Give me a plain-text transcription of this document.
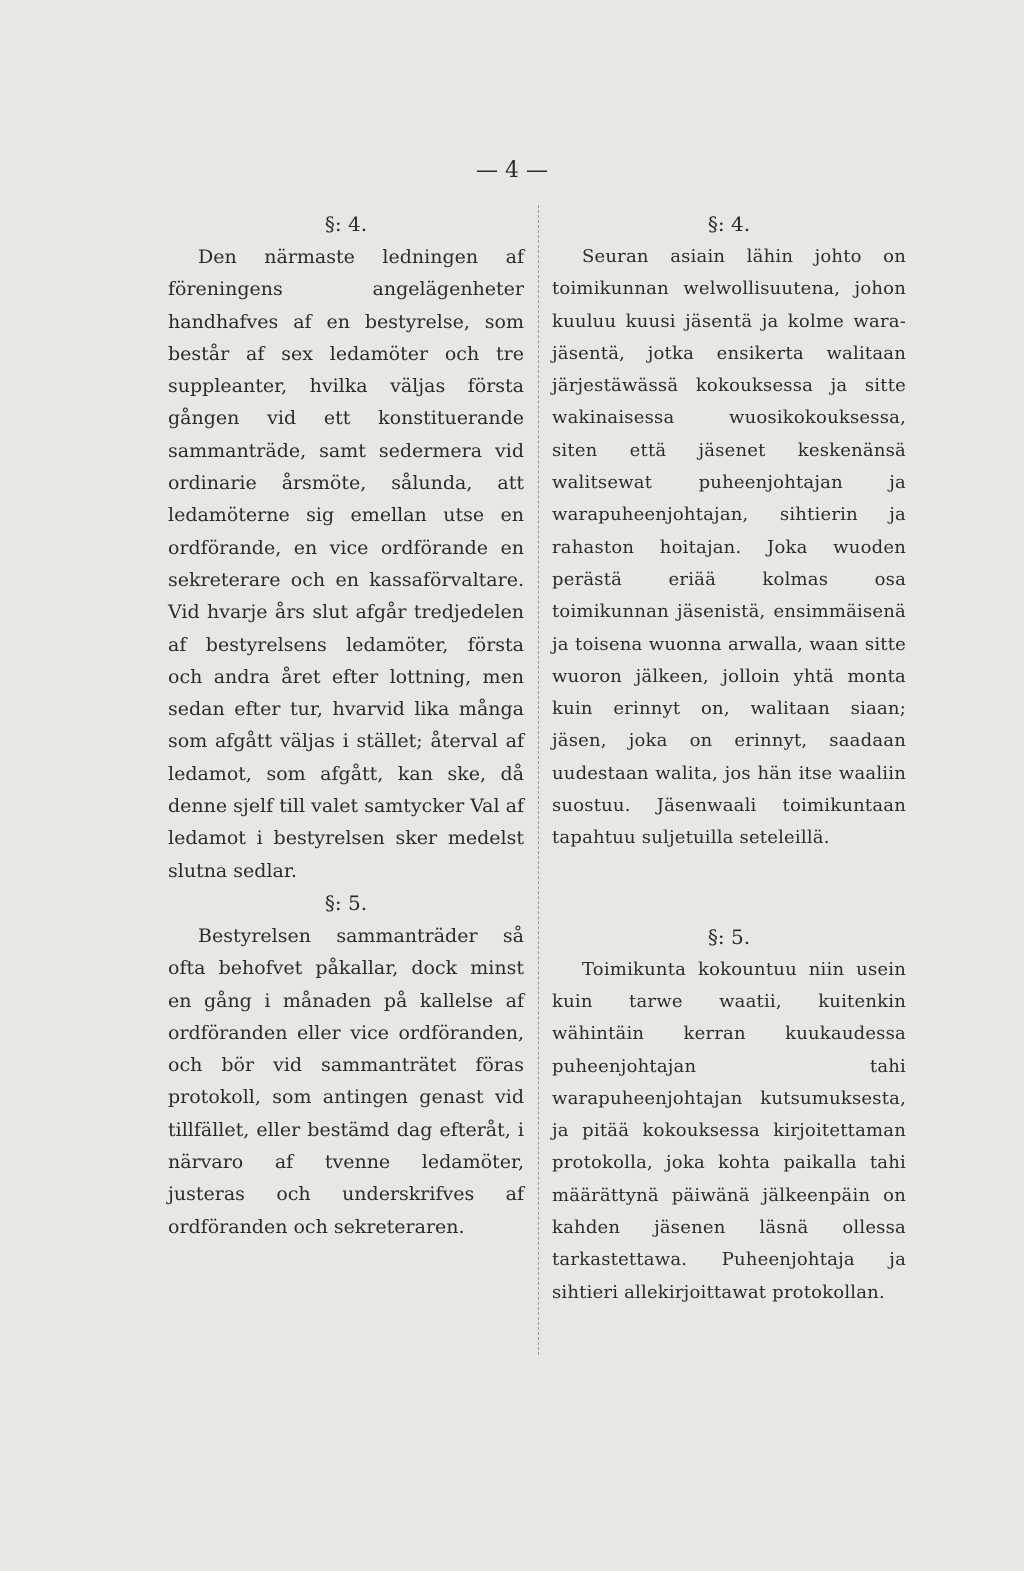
— 4 —

§: 4.

Den närmaste ledningen af föreningens angelägenheter handhafves af en bestyrelse, som består af sex ledamöter och tre suppleanter, hvilka väljas första gången vid ett konstituerande sammanträde, samt sedermera vid ordinarie årsmöte, sålunda, att ledamöterne sig emellan utse en ordförande, en vice ordförande en sekreterare och en kassaförvaltare. Vid hvarje års slut afgår tredjedelen af bestyrelsens ledamöter, första och andra året efter lottning, men sedan efter tur, hvarvid lika många som afgått väljas i stället; återval af ledamot, som afgått, kan ske, då denne sjelf till valet samtycker Val af ledamot i bestyrelsen sker medelst slutna sedlar.

§: 5.

Bestyrelsen sammanträder så ofta behofvet påkallar, dock minst en gång i månaden på kallelse af ordföranden eller vice ordföranden, och bör vid sammanträtet föras protokoll, som antingen genast vid tillfället, eller bestämd dag efteråt, i närvaro af tvenne ledamöter, justeras och underskrifves af ordföranden och sekreteraren.

§: 4.

Seuran asiain lähin johto on toimikunnan welwollisuutena, johon kuuluu kuusi jäsentä ja kolme wara-jäsentä, jotka ensikerta walitaan järjestäwässä kokouksessa ja sitte wakinaisessa wuosikokouksessa, siten että jäsenet keskenänsä walitsewat puheenjohtajan ja warapuheenjohtajan, sihtierin ja rahaston hoitajan. Joka wuoden perästä eriää kolmas osa toimikunnan jäsenistä, ensimmäisenä ja toisena wuonna arwalla, waan sitte wuoron jälkeen, jolloin yhtä monta kuin erinnyt on, walitaan siaan; jäsen, joka on erinnyt, saadaan uudestaan walita, jos hän itse waaliin suostuu. Jäsenwaali toimikuntaan tapahtuu suljetuilla seteleillä.

§: 5.

Toimikunta kokountuu niin usein kuin tarwe waatii, kuitenkin wähintäin kerran kuukaudessa puheenjohtajan tahi warapuheenjohtajan kutsumuksesta, ja pitää kokouksessa kirjoitettaman protokolla, joka kohta paikalla tahi määrättynä päiwänä jälkeenpäin on kahden jäsenen läsnä ollessa tarkastettawa. Puheenjohtaja ja sihtieri allekirjoittawat protokollan.
